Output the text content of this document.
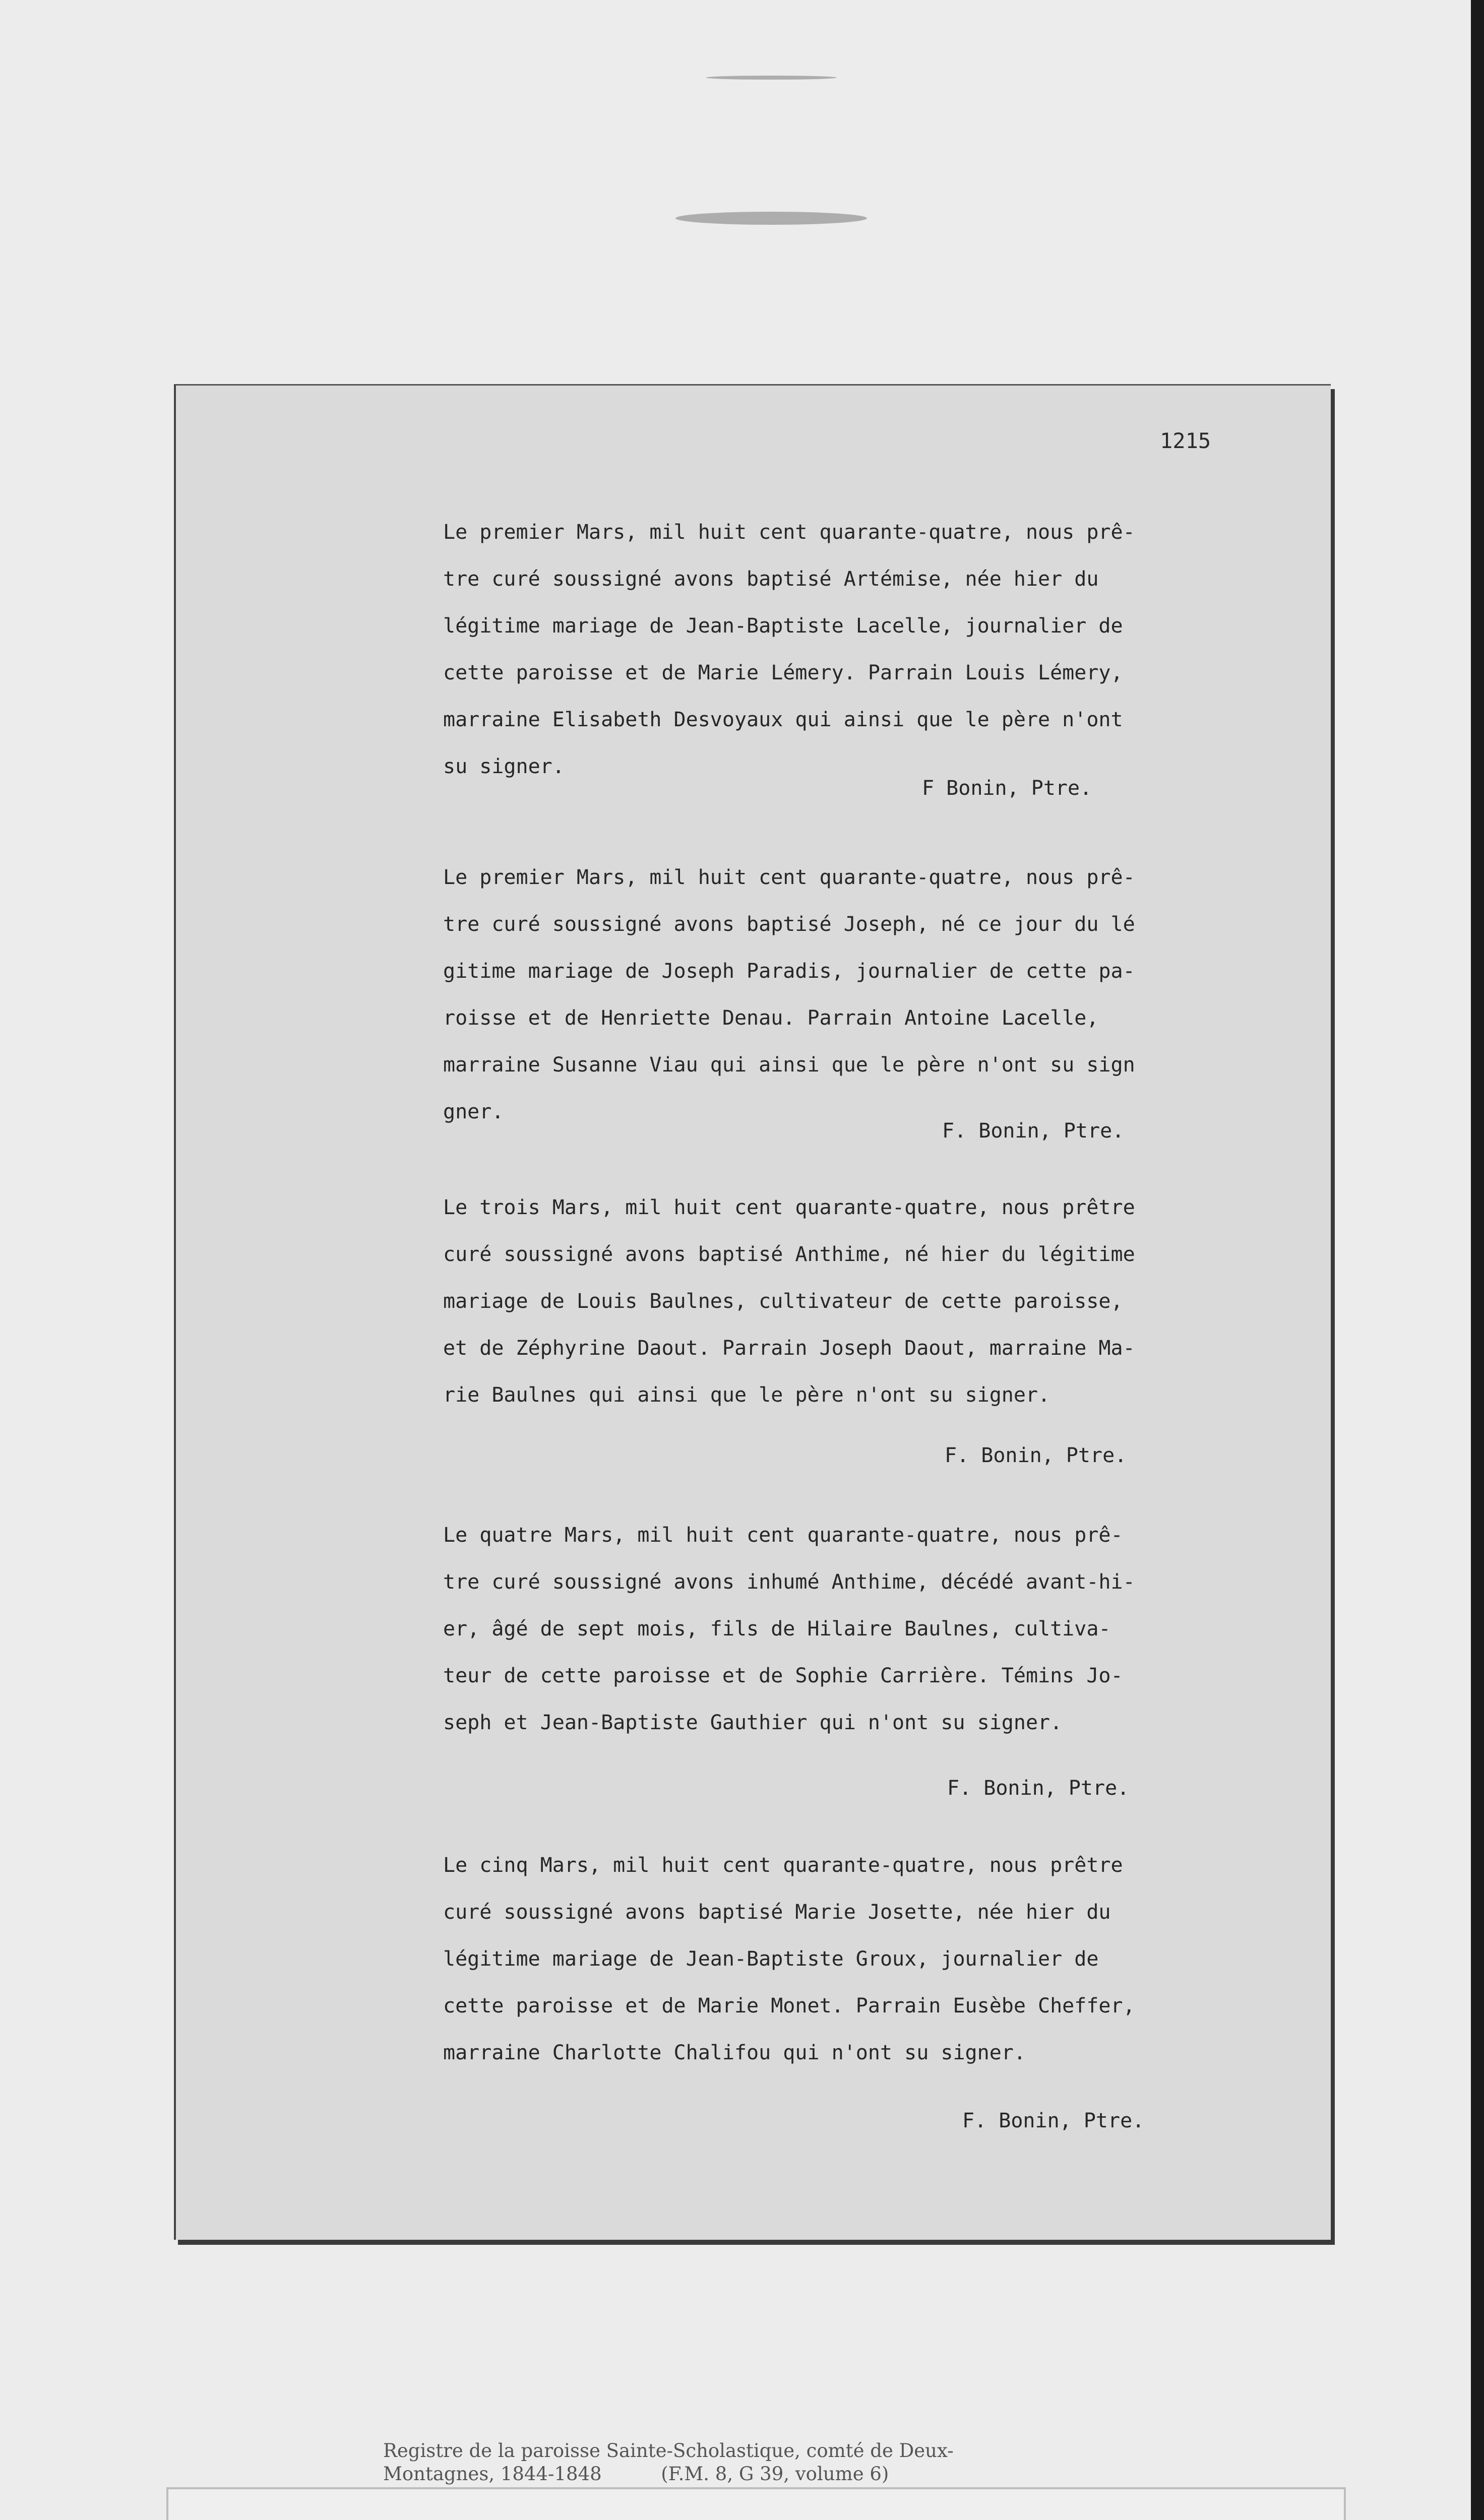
1215

Le premier Mars, mil huit cent quarante-quatre, nous prê-

tre curé soussigné avons baptisé Artémise, née hier du

légitime mariage de Jean-Baptiste Lacelle, journalier de

cette paroisse et de Marie Lémery. Parrain Louis Lémery,

marraine Elisabeth Desvoyaux qui ainsi que le père n'ont

su signer.

F Bonin, Ptre.

Le premier Mars, mil huit cent quarante-quatre, nous prê-

tre curé soussigné avons baptisé Joseph, né ce jour du lé

gitime mariage de Joseph Paradis, journalier de cette pa-

roisse et de Henriette Denau. Parrain Antoine Lacelle,

marraine Susanne Viau qui ainsi que le père n'ont su sign

gner.

F. Bonin, Ptre.

Le trois Mars, mil huit cent quarante-quatre, nous prêtre

curé soussigné avons baptisé Anthime, né hier du légitime

mariage de Louis Baulnes, cultivateur de cette paroisse,

et de Zéphyrine Daout. Parrain Joseph Daout, marraine Ma-

rie Baulnes qui ainsi que le père n'ont su signer.

F. Bonin, Ptre.

Le quatre Mars, mil huit cent quarante-quatre, nous prê-

tre curé soussigné avons inhumé Anthime, décédé avant-hi-

er, âgé de sept mois, fils de Hilaire Baulnes, cultiva-

teur de cette paroisse et de Sophie Carrière. Témins Jo-

seph et Jean-Baptiste Gauthier qui n'ont su signer.

F. Bonin, Ptre.

Le cinq Mars, mil huit cent quarante-quatre, nous prêtre

curé soussigné avons baptisé Marie Josette, née hier du

légitime mariage de Jean-Baptiste Groux, journalier de

cette paroisse et de Marie Monet. Parrain Eusèbe Cheffer,

marraine Charlotte Chalifou qui n'ont su signer.

F. Bonin, Ptre.
Registre de la paroisse Sainte-Scholastique, comté de Deux-
Montagnes, 1844-1848          (F.M. 8, G 39, volume 6)
